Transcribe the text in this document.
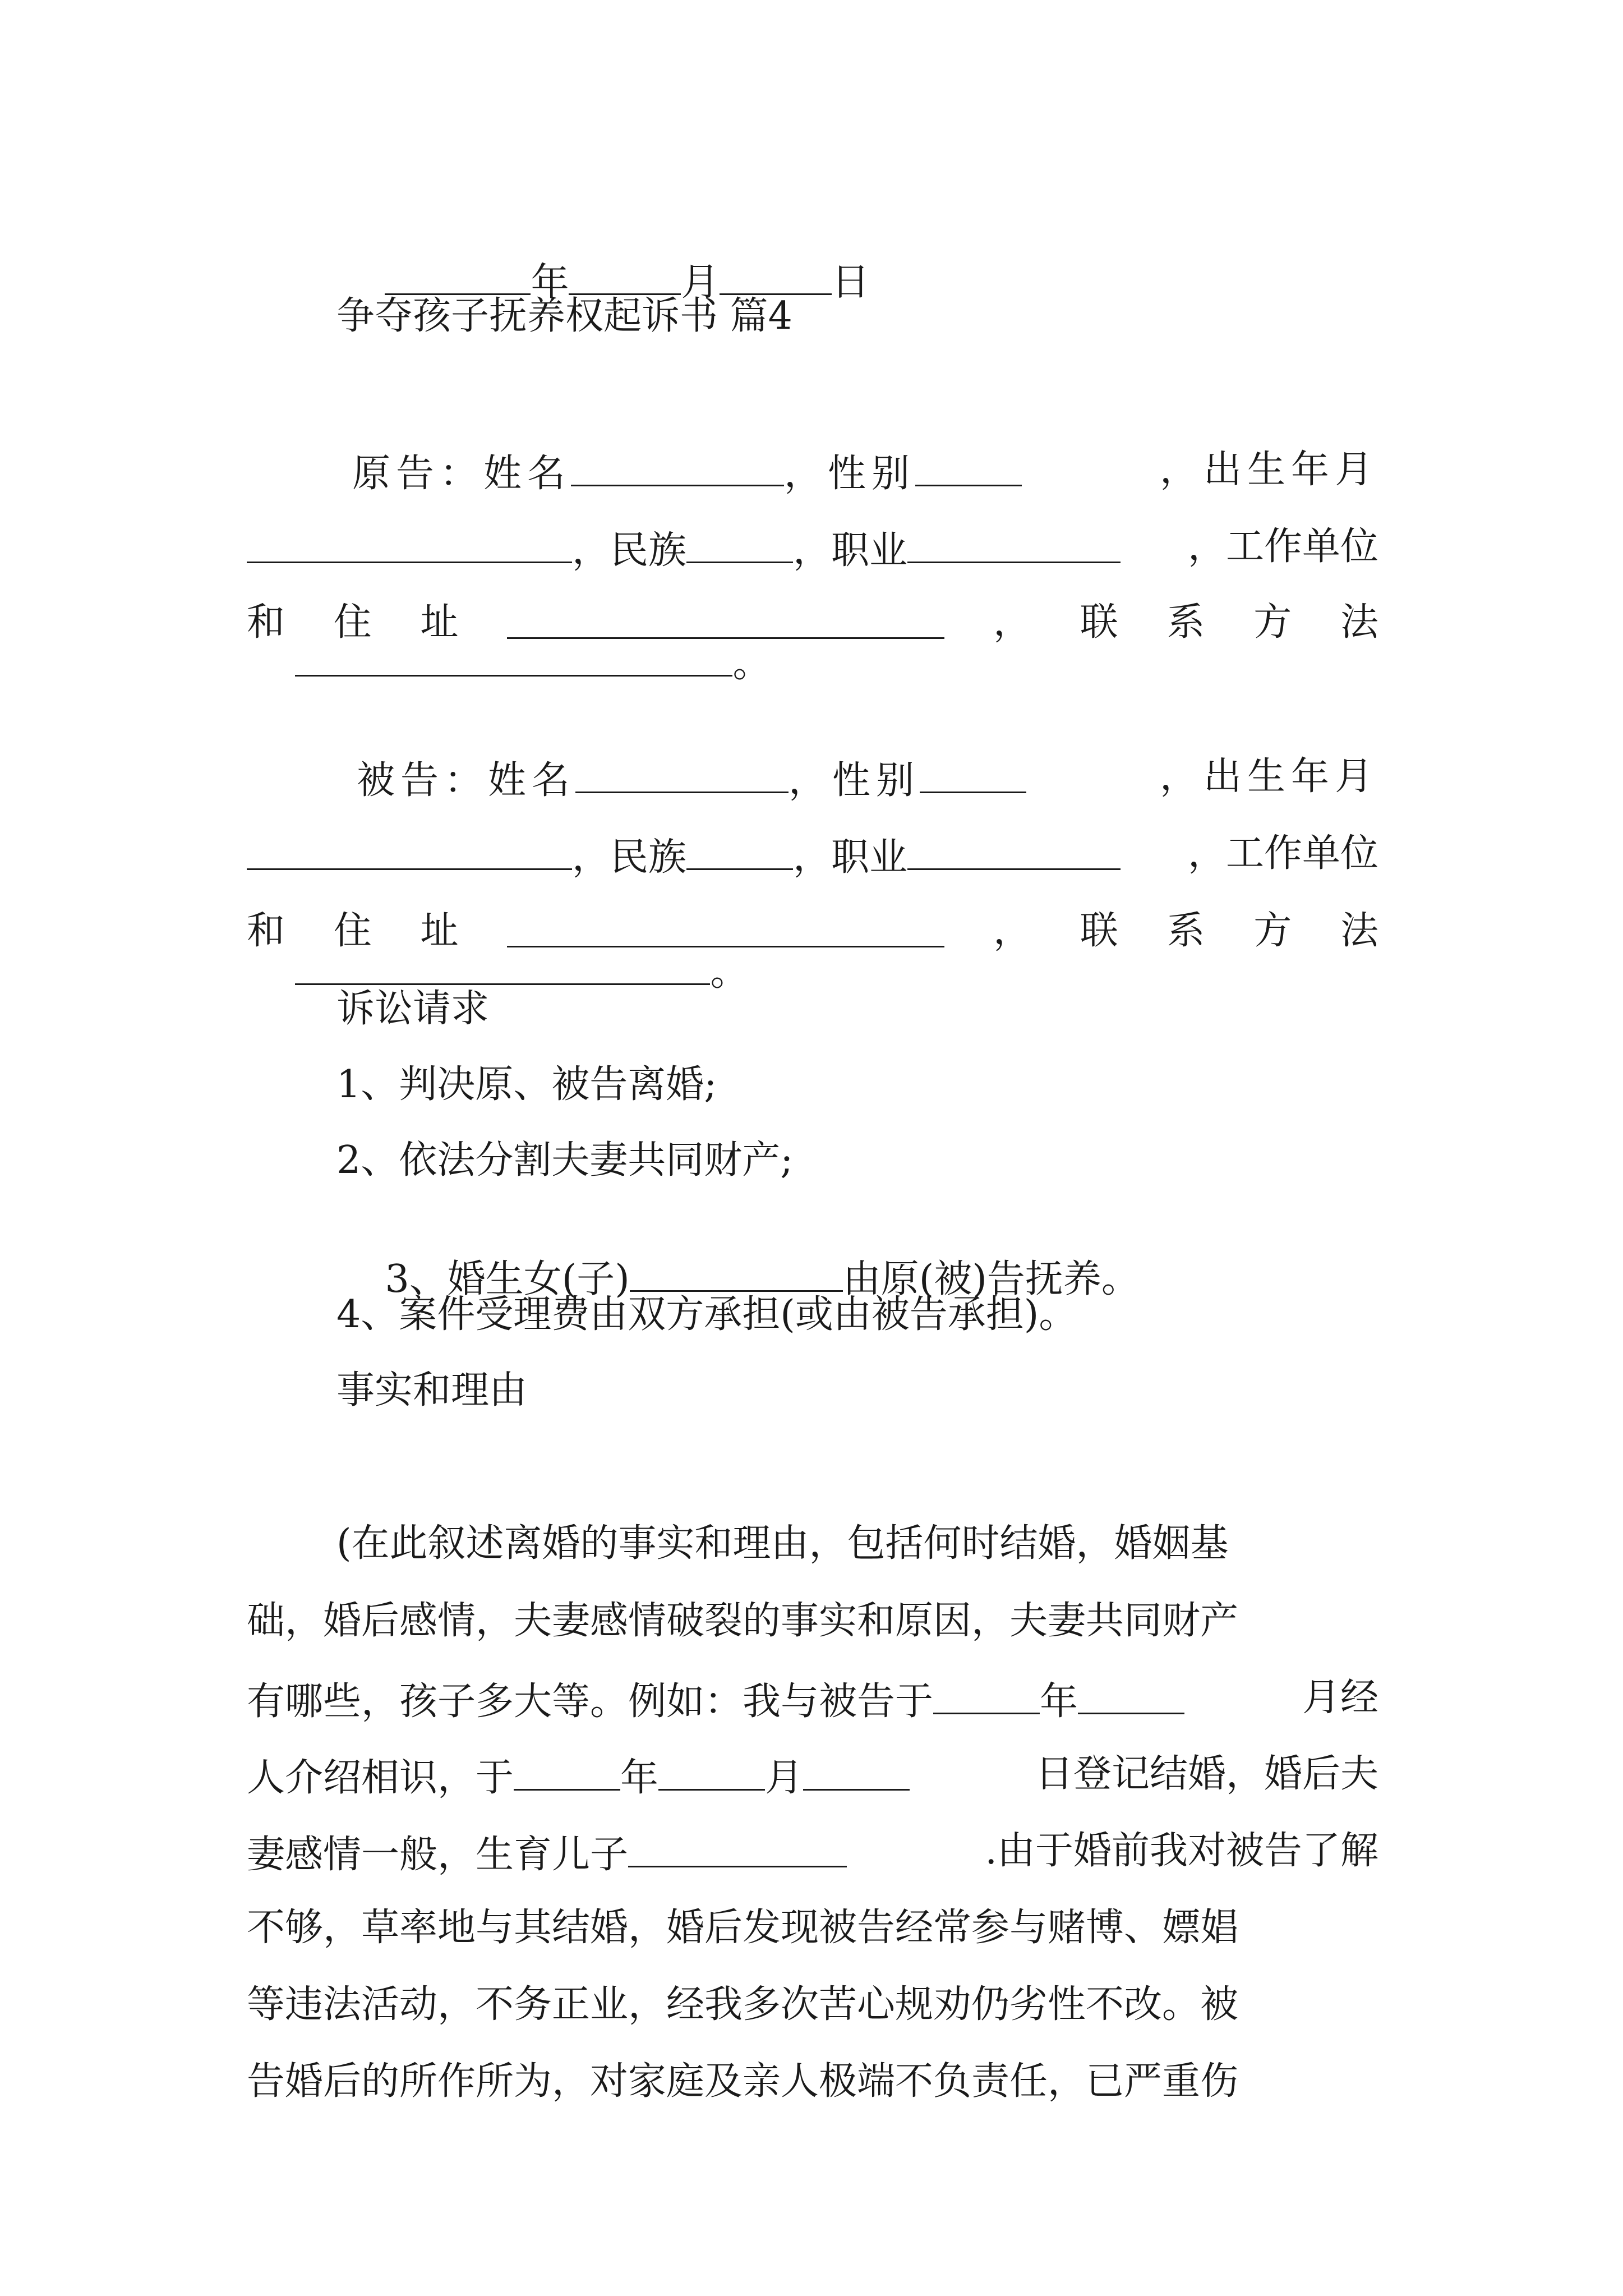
年	月	日

争夺孩子抚养权起诉书 篇4

原告：姓名	，性别	，出生年月

，民族	，职业	，工作单位

和 住 址	， 联 系 方 法

。

被告：姓名	，性别	，出生年月

，民族	，职业	，工作单位

和 住 址	， 联 系 方 法

。

诉讼请求
1、判决原、被告离婚;
2、依法分割夫妻共同财产;

3、婚生女(子)	由原(被)告抚养。

4、案件受理费由双方承担(或由被告承担)。
事实和理由

(在此叙述离婚的事实和理由，包括何时结婚，婚姻基

础，婚后感情，夫妻感情破裂的事实和原因，夫妻共同财产

有哪些，孩子多大等。例如：我与被告于	年	月经

人介绍相识，于	年	月	日登记结婚，婚后夫

妻感情一般，生育儿子	.由于婚前我对被告了解

不够，草率地与其结婚，婚后发现被告经常参与赌博、嫖娼

等违法活动，不务正业，经我多次苦心规劝仍劣性不改。被

告婚后的所作所为，对家庭及亲人极端不负责任，已严重伤
